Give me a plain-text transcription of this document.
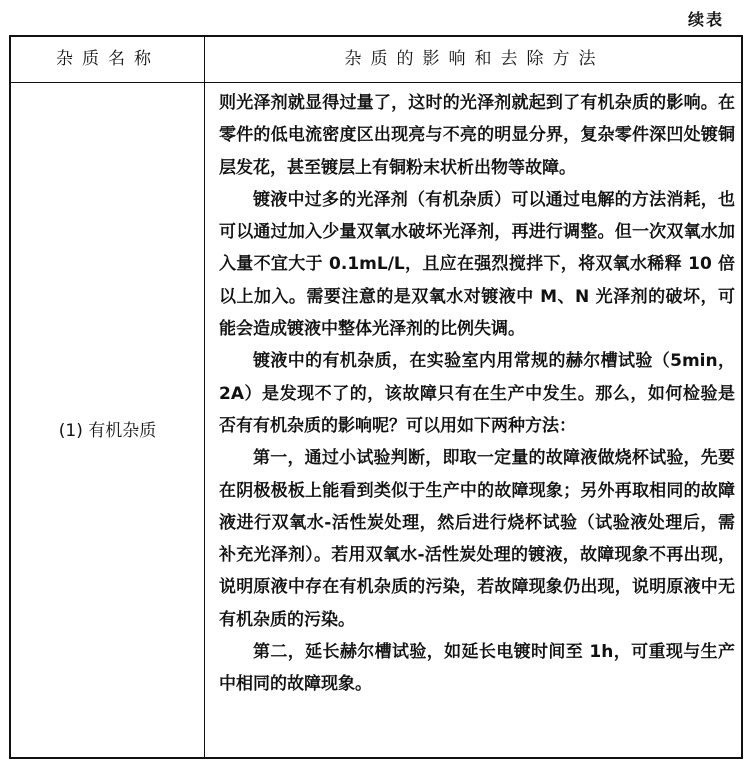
续表
杂质名称	杂质的影响和去除方法
(1) 有机杂质

则光泽剂就显得过量了，这时的光泽剂就起到了有机杂质的影响。在零件的低电流密度区出现亮与不亮的明显分界，复杂零件深凹处镀铜层发花，甚至镀层上有铜粉末状析出物等故障。

镀液中过多的光泽剂（有机杂质）可以通过电解的方法消耗，也可以通过加入少量双氧水破坏光泽剂，再进行调整。但一次双氧水加入量不宜大于 0.1mL/L，且应在强烈搅拌下，将双氧水稀释 10 倍以上加入。需要注意的是双氧水对镀液中 M、N 光泽剂的破坏，可能会造成镀液中整体光泽剂的比例失调。

镀液中的有机杂质，在实验室内用常规的赫尔槽试验（5min，2A）是发现不了的，该故障只有在生产中发生。那么，如何检验是否有有机杂质的影响呢？可以用如下两种方法：

第一，通过小试验判断，即取一定量的故障液做烧杯试验，先要在阴极极板上能看到类似于生产中的故障现象；另外再取相同的故障液进行双氧水-活性炭处理，然后进行烧杯试验（试验液处理后，需补充光泽剂）。若用双氧水-活性炭处理的镀液，故障现象不再出现，说明原液中存在有机杂质的污染，若故障现象仍出现，说明原液中无有机杂质的污染。

第二，延长赫尔槽试验，如延长电镀时间至 1h，可重现与生产中相同的故障现象。
